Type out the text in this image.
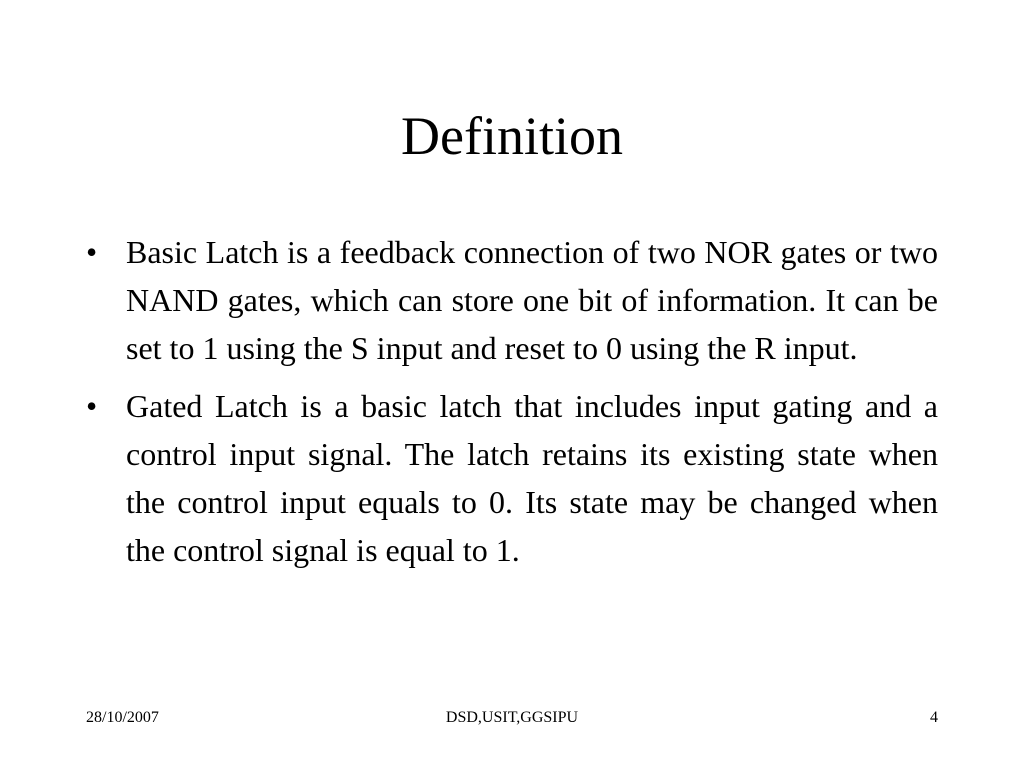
Definition
• Basic Latch is a feedback connection of two NOR gates or two NAND gates, which can store one bit of information. It can be set to 1 using the S input and reset to 0 using the R input.
• Gated Latch is a basic latch that includes input gating and a control input signal. The latch retains its existing state when the control input equals to 0. Its state may be changed when the control signal is equal to 1.
28/10/2007	DSD,USIT,GGSIPU	4
